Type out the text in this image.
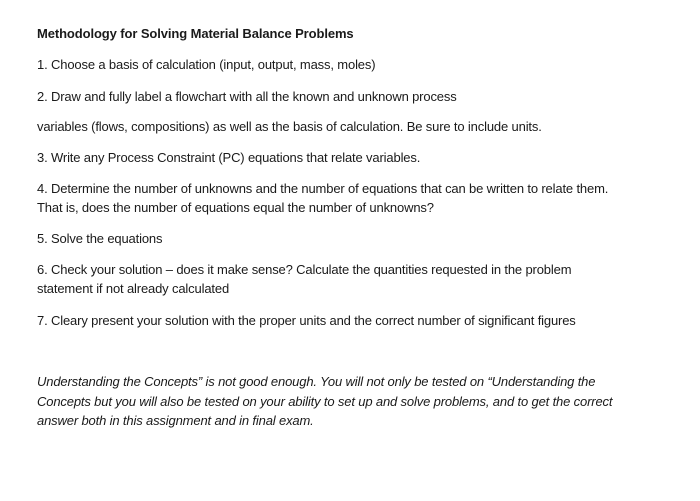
Methodology for Solving Material Balance Problems
1. Choose a basis of calculation (input, output, mass, moles)
2. Draw and fully label a flowchart with all the known and unknown process
variables (flows, compositions) as well as the basis of calculation. Be sure to include units.
3. Write any Process Constraint (PC) equations that relate variables.
4. Determine the number of unknowns and the number of equations that can be written to relate them.
That is, does the number of equations equal the number of unknowns?
5. Solve the equations
6. Check your solution – does it make sense? Calculate the quantities requested in the problem
statement if not already calculated
7. Cleary present your solution with the proper units and the correct number of significant figures
Understanding the Concepts” is not good enough. You will not only be tested on “Understanding the
Concepts but you will also be tested on your ability to set up and solve problems, and to get the correct
answer both in this assignment and in final exam.
